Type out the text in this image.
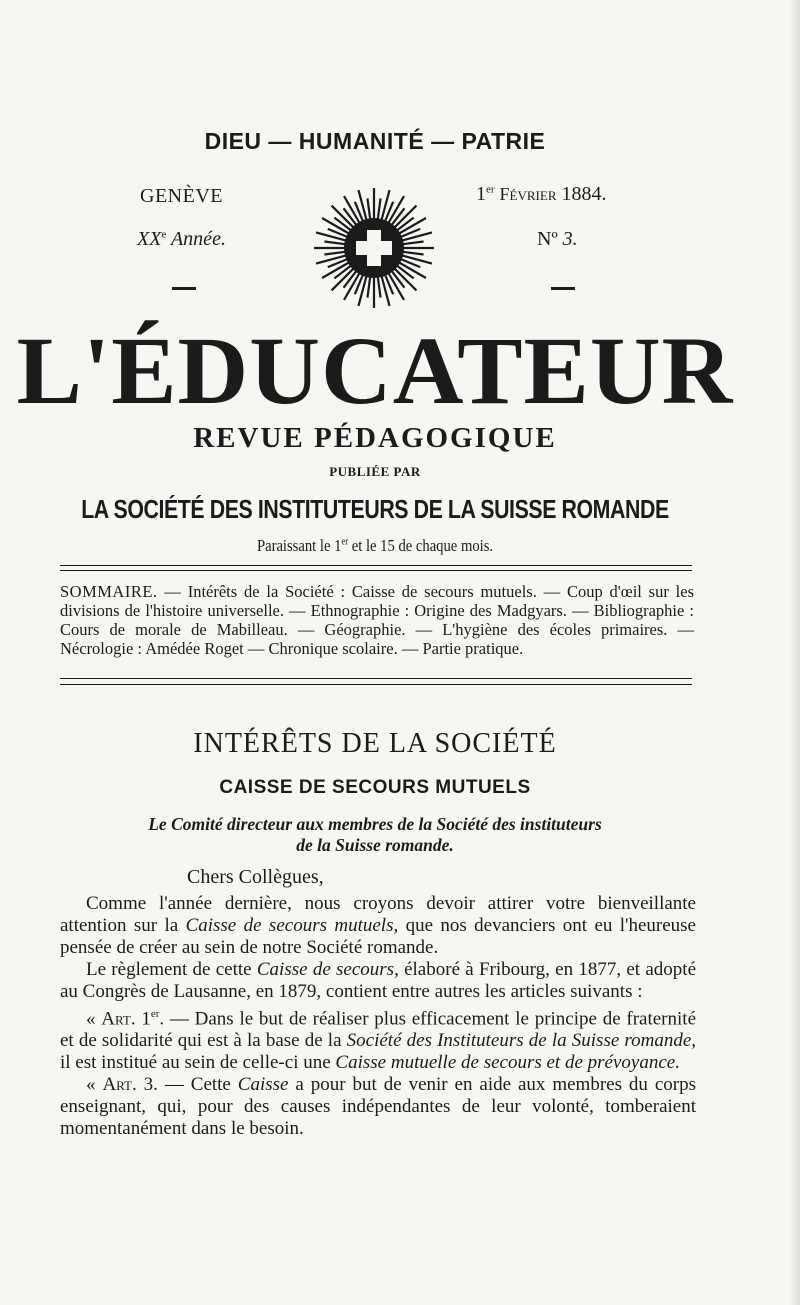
DIEU — HUMANITÉ — PATRIE
GENÈVE	1er Février 1884.
XXe Année.	Nº 3.
L'ÉDUCATEUR
REVUE PÉDAGOGIQUE
PUBLIÉE PAR
LA SOCIÉTÉ DES INSTITUTEURS DE LA SUISSE ROMANDE
Paraissant le 1er et le 15 de chaque mois.
SOMMAIRE. — Intérêts de la Société : Caisse de secours mutuels. — Coup d'œil sur les divisions de l'histoire universelle. — Ethnographie : Origine des Madgyars. — Bibliographie : Cours de morale de Mabilleau. — Géographie. — L'hygiène des écoles primaires. — Nécrologie : Amédée Roget — Chronique scolaire. — Partie pratique.
INTÉRÊTS DE LA SOCIÉTÉ
CAISSE DE SECOURS MUTUELS
Le Comité directeur aux membres de la Société des instituteurs
de la Suisse romande.
Chers Collègues,

Comme l'année dernière, nous croyons devoir attirer votre bienveillante attention sur la Caisse de secours mutuels, que nos devanciers ont eu l'heureuse pensée de créer au sein de notre Société romande.

Le règlement de cette Caisse de secours, élaboré à Fribourg, en 1877, et adopté au Congrès de Lausanne, en 1879, contient entre autres les articles suivants :

« Art. 1er. — Dans le but de réaliser plus efficacement le principe de fraternité et de solidarité qui est à la base de la Société des Instituteurs de la Suisse romande, il est institué au sein de celle-ci une Caisse mutuelle de secours et de prévoyance.

« Art. 3. — Cette Caisse a pour but de venir en aide aux membres du corps enseignant, qui, pour des causes indépendantes de leur volonté, tomberaient momentanément dans le besoin.
